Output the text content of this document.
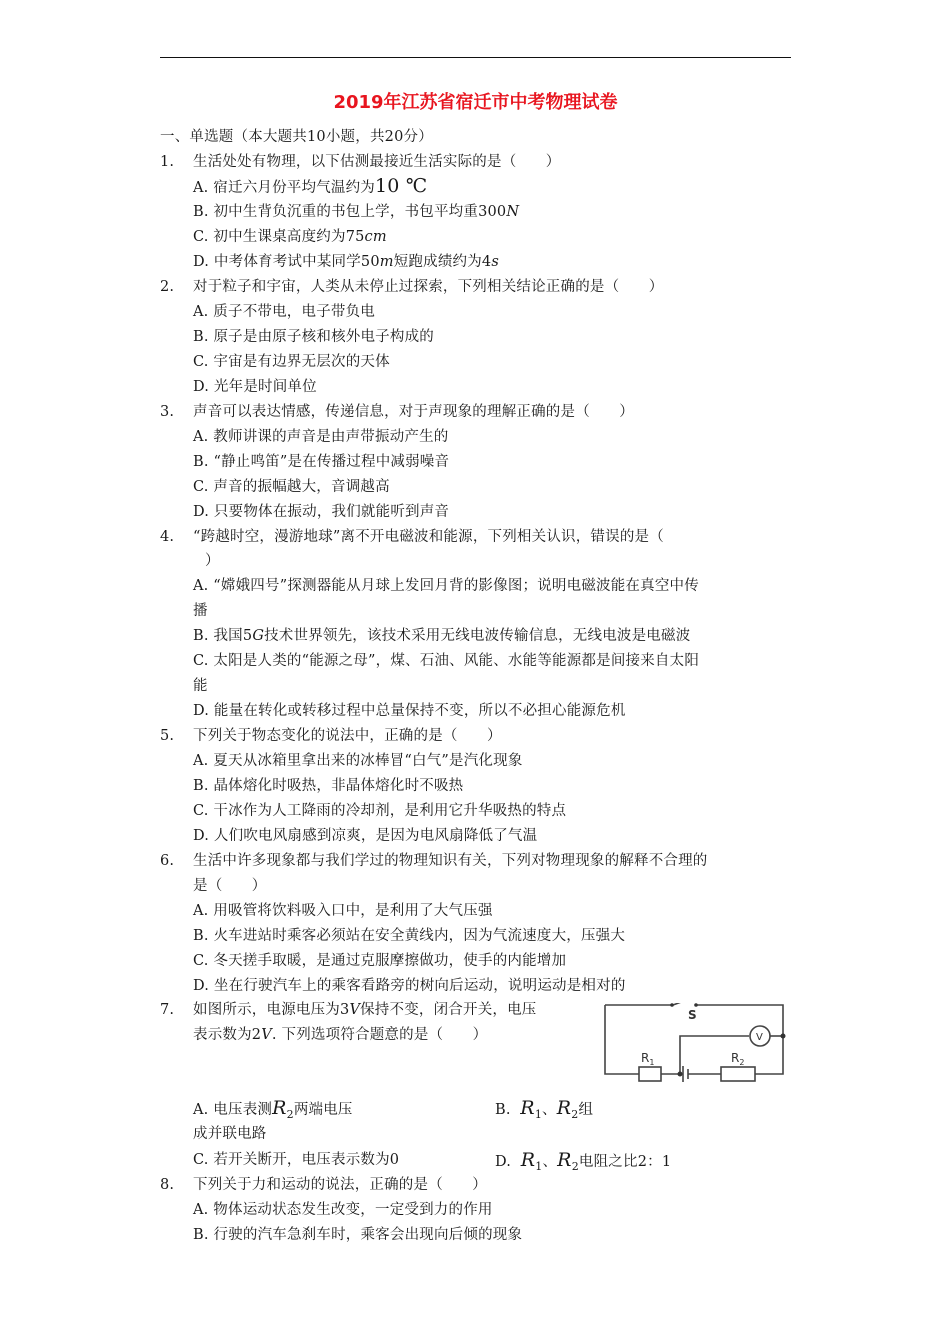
2019年江苏省宿迁市中考物理试卷
一、单选题（本大题共10小题，共20分）
1. 生活处处有物理，以下估测最接近生活实际的是（　　）
A. 宿迁六月份平均气温约为10 ℃
B. 初中生背负沉重的书包上学，书包平均重300N
C. 初中生课桌高度约为75cm
D. 中考体育考试中某同学50m短跑成绩约为4s
2. 对于粒子和宇宙，人类从未停止过探索，下列相关结论正确的是（　　）
A. 质子不带电，电子带负电
B. 原子是由原子核和核外电子构成的
C. 宇宙是有边界无层次的天体
D. 光年是时间单位
3. 声音可以表达情感，传递信息，对于声现象的理解正确的是（　　）
A. 教师讲课的声音是由声带振动产生的
B. “静止鸣笛”是在传播过程中减弱噪音
C. 声音的振幅越大，音调越高
D. 只要物体在振动，我们就能听到声音
4. “跨越时空，漫游地球”离不开电磁波和能源，下列相关认识，错误的是（
）
A. “嫦娥四号”探测器能从月球上发回月背的影像图；说明电磁波能在真空中传
播
B. 我国5G技术世界领先，该技术采用无线电波传输信息，无线电波是电磁波
C. 太阳是人类的“能源之母”，煤、石油、风能、水能等能源都是间接来自太阳
能
D. 能量在转化或转移过程中总量保持不变，所以不必担心能源危机
5. 下列关于物态变化的说法中，正确的是（　　）
A. 夏天从冰箱里拿出来的冰棒冒“白气”是汽化现象
B. 晶体熔化时吸热，非晶体熔化时不吸热
C. 干冰作为人工降雨的冷却剂，是利用它升华吸热的特点
D. 人们吹电风扇感到凉爽，是因为电风扇降低了气温
6. 生活中许多现象都与我们学过的物理知识有关，下列对物理现象的解释不合理的
是（　　）
A. 用吸管将饮料吸入口中，是利用了大气压强
B. 火车进站时乘客必须站在安全黄线内，因为气流速度大，压强大
C. 冬天搓手取暖，是通过克服摩擦做功，使手的内能增加
D. 坐在行驶汽车上的乘客看路旁的树向后运动，说明运动是相对的
7. 如图所示，电源电压为3V保持不变，闭合开关，电压
表示数为2V. 下列选项符合题意的是（　　）
S
V
$R_1$	$R_2$
A. 电压表测$R_2$两端电压	B. $R_1$、$R_2$组
成并联电路
C. 若开关断开，电压表示数为0	D. $R_1$、$R_2$电阻之比2：1
8. 下列关于力和运动的说法，正确的是（　　）
A. 物体运动状态发生改变，一定受到力的作用
B. 行驶的汽车急刹车时，乘客会出现向后倾的现象
